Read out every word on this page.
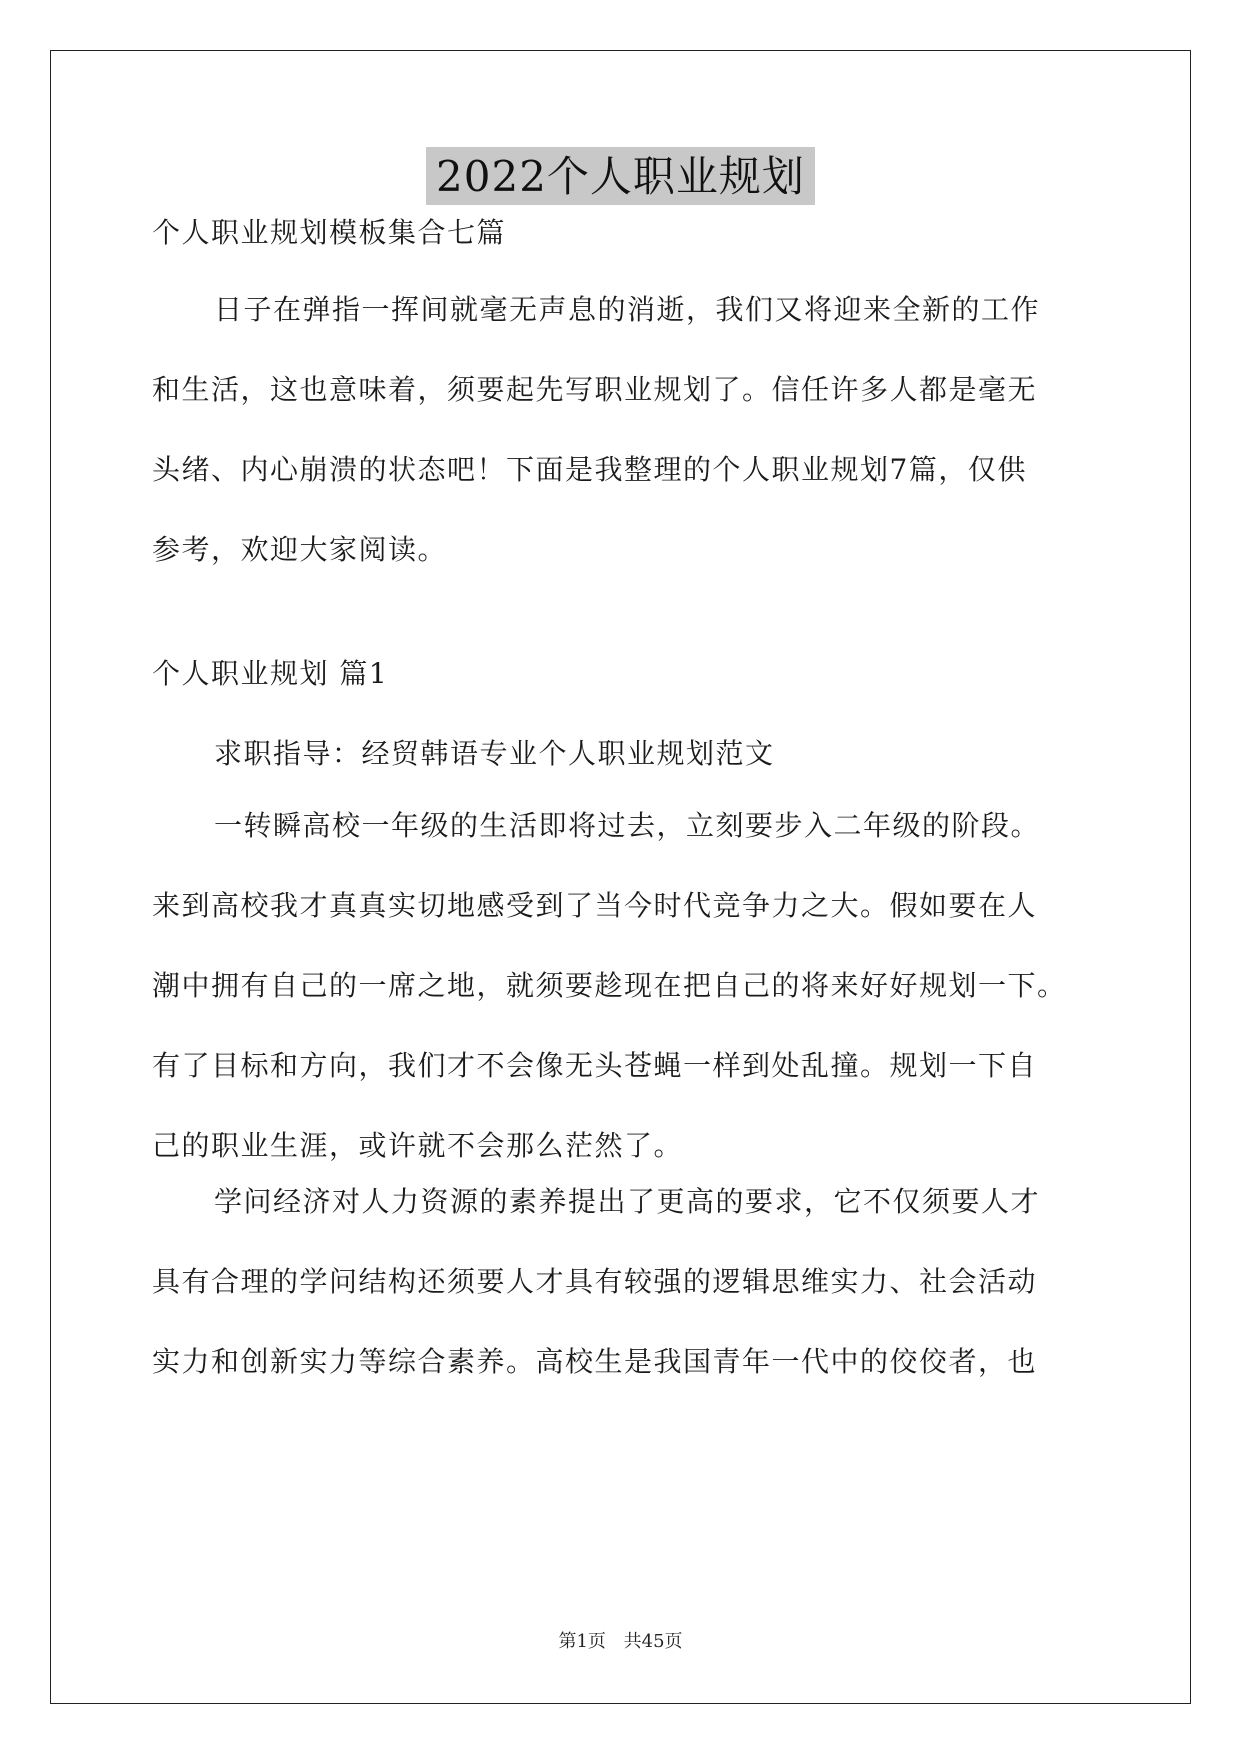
2022个人职业规划
个人职业规划模板集合七篇
日子在弹指一挥间就毫无声息的消逝，我们又将迎来全新的工作
和生活，这也意味着，须要起先写职业规划了。信任许多人都是毫无
头绪、内心崩溃的状态吧！下面是我整理的个人职业规划7篇，仅供
参考，欢迎大家阅读。
个人职业规划 篇1
求职指导：经贸韩语专业个人职业规划范文
一转瞬高校一年级的生活即将过去，立刻要步入二年级的阶段。
来到高校我才真真实切地感受到了当今时代竞争力之大。假如要在人
潮中拥有自己的一席之地，就须要趁现在把自己的将来好好规划一下。
有了目标和方向，我们才不会像无头苍蝇一样到处乱撞。规划一下自
己的职业生涯，或许就不会那么茫然了。
学问经济对人力资源的素养提出了更高的要求，它不仅须要人才
具有合理的学问结构还须要人才具有较强的逻辑思维实力、社会活动
实力和创新实力等综合素养。高校生是我国青年一代中的佼佼者，也
第1页 共45页
